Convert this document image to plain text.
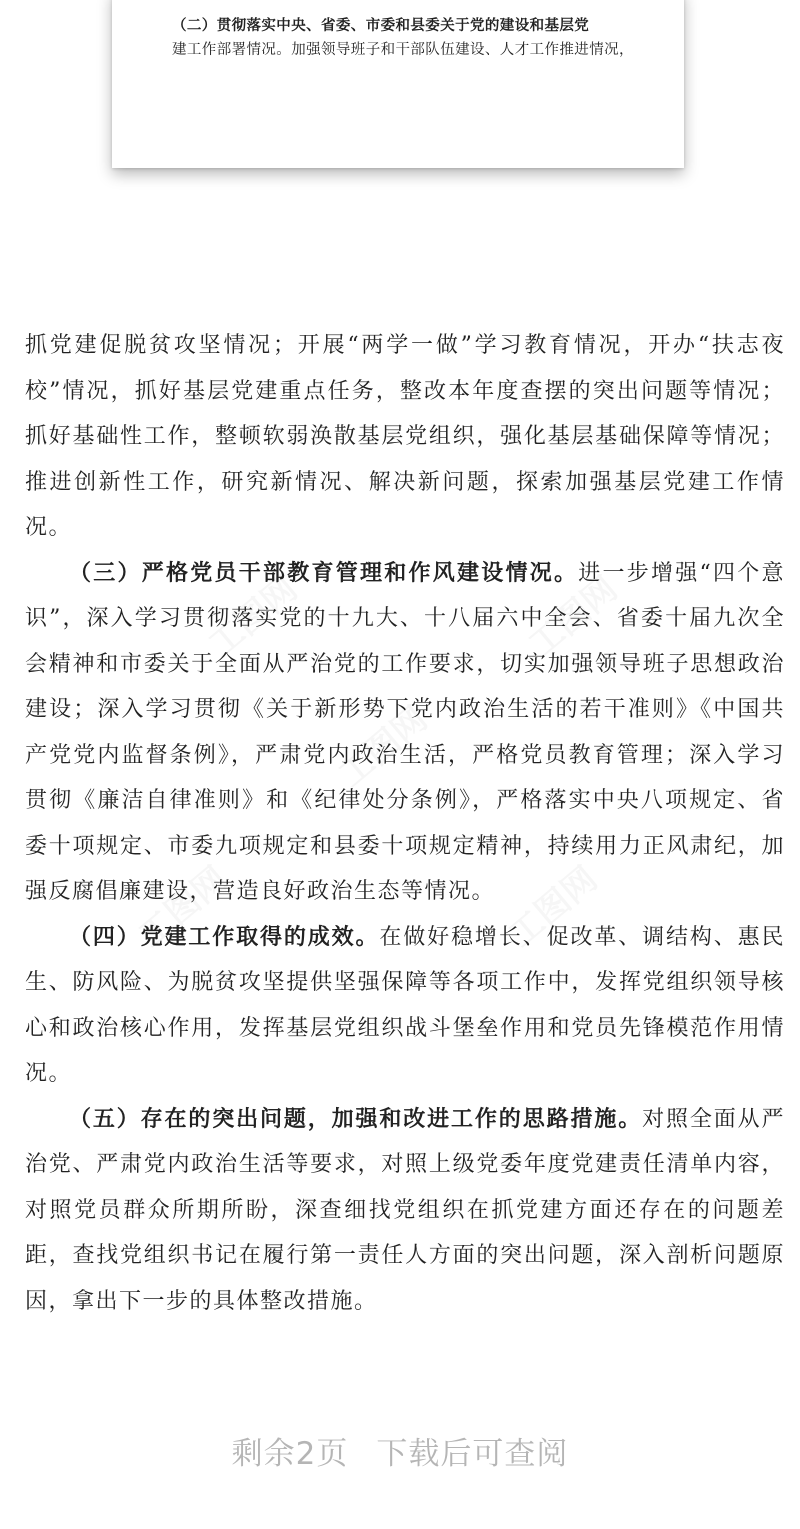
（二）贯彻落实中央、省委、市委和县委关于党的建设和基层党
建工作部署情况。加强领导班子和干部队伍建设、人才工作推进情况，

抓党建促脱贫攻坚情况；开展“两学一做”学习教育情况，开办“扶志夜校”情况，抓好基层党建重点任务，整改本年度查摆的突出问题等情况；抓好基础性工作，整顿软弱涣散基层党组织，强化基层基础保障等情况；推进创新性工作，研究新情况、解决新问题，探索加强基层党建工作情况。

（三）严格党员干部教育管理和作风建设情况。进一步增强“四个意识”，深入学习贯彻落实党的十九大、十八届六中全会、省委十届九次全会精神和市委关于全面从严治党的工作要求，切实加强领导班子思想政治建设；深入学习贯彻《关于新形势下党内政治生活的若干准则》《中国共产党党内监督条例》，严肃党内政治生活，严格党员教育管理；深入学习贯彻《廉洁自律准则》和《纪律处分条例》，严格落实中央八项规定、省委十项规定、市委九项规定和县委十项规定精神，持续用力正风肃纪，加强反腐倡廉建设，营造良好政治生态等情况。

（四）党建工作取得的成效。在做好稳增长、促改革、调结构、惠民生、防风险、为脱贫攻坚提供坚强保障等各项工作中，发挥党组织领导核心和政治核心作用，发挥基层党组织战斗堡垒作用和党员先锋模范作用情况。

（五）存在的突出问题，加强和改进工作的思路措施。对照全面从严治党、严肃党内政治生活等要求，对照上级党委年度党建责任清单内容，对照党员群众所期所盼，深查细找党组织在抓党建方面还存在的问题差距，查找党组织书记在履行第一责任人方面的突出问题，深入剖析问题原因，拿出下一步的具体整改措施。

剩余2页 下载后可查阅
